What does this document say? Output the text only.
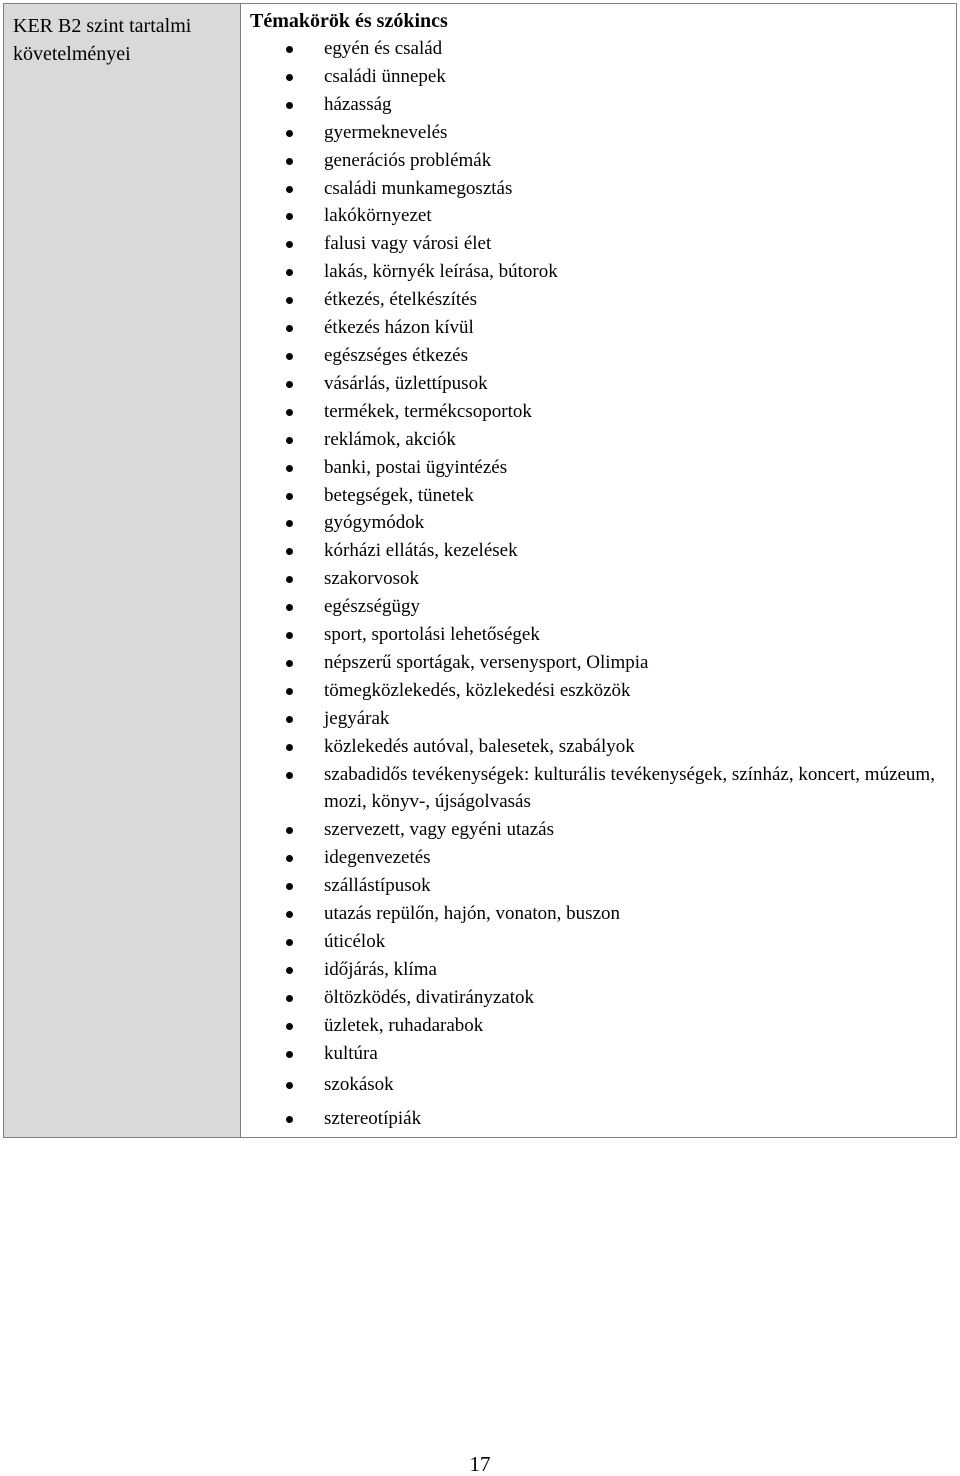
KER B2 szint tartalmi
követelményei

Témakörök és szókincs

egyén és család
családi ünnepek
házasság
gyermeknevelés
generációs problémák
családi munkamegosztás
lakókörnyezet
falusi vagy városi élet
lakás, környék leírása, bútorok
étkezés, ételkészítés
étkezés házon kívül
egészséges étkezés
vásárlás, üzlettípusok
termékek, termékcsoportok
reklámok, akciók
banki, postai ügyintézés
betegségek, tünetek
gyógymódok
kórházi ellátás, kezelések
szakorvosok
egészségügy
sport, sportolási lehetőségek
népszerű sportágak, versenysport, Olimpia
tömegközlekedés, közlekedési eszközök
jegyárak
közlekedés autóval, balesetek, szabályok
szabadidős tevékenységek: kulturális tevékenységek, színház, koncert, múzeum, mozi, könyv-, újságolvasás
szervezett, vagy egyéni utazás
idegenvezetés
szállástípusok
utazás repülőn, hajón, vonaton, buszon
úticélok
időjárás, klíma
öltözködés, divatirányzatok
üzletek, ruhadarabok
kultúra
szokások
sztereotípiák
17
